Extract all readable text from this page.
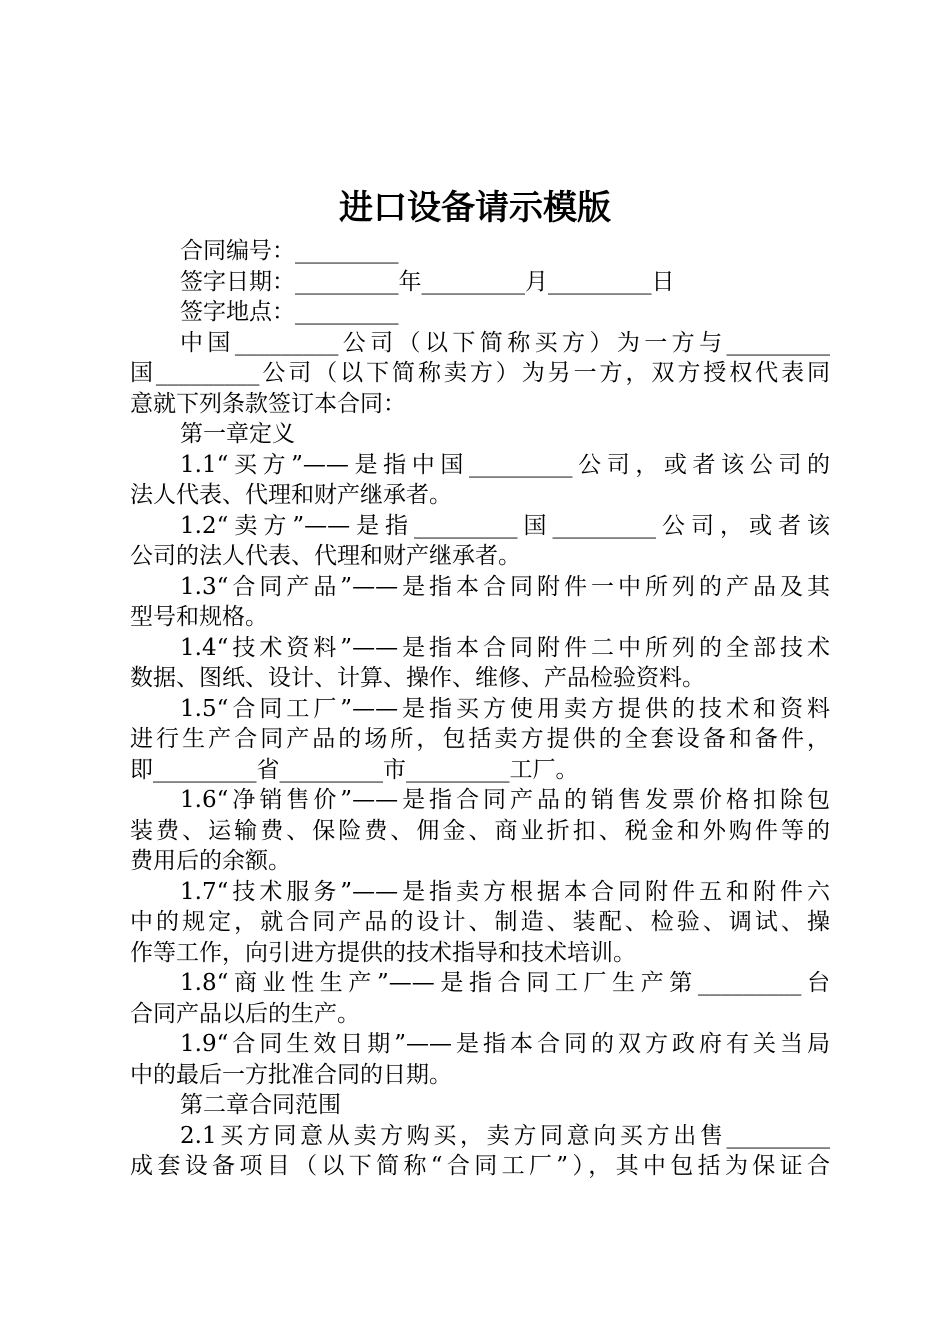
进口设备请示模版
合同编号：_________
签字日期：_________年_________月_________日
签字地点：_________
中国_________公司（以下简称买方）为一方与_________
国_________公司（以下简称卖方）为另一方，双方授权代表同
意就下列条款签订本合同：
第一章定义
1.1“买方”——是指中国_________公司，或者该公司的
法人代表、代理和财产继承者。
1.2“卖方”——是指_________国_________公司，或者该
公司的法人代表、代理和财产继承者。
1.3“合同产品”——是指本合同附件一中所列的产品及其
型号和规格。
1.4“技术资料”——是指本合同附件二中所列的全部技术
数据、图纸、设计、计算、操作、维修、产品检验资料。
1.5“合同工厂”——是指买方使用卖方提供的技术和资料
进行生产合同产品的场所，包括卖方提供的全套设备和备件，
即_________省_________市_________工厂。
1.6“净销售价”——是指合同产品的销售发票价格扣除包
装费、运输费、保险费、佣金、商业折扣、税金和外购件等的
费用后的余额。
1.7“技术服务”——是指卖方根据本合同附件五和附件六
中的规定，就合同产品的设计、制造、装配、检验、调试、操
作等工作，向引进方提供的技术指导和技术培训。
1.8“商业性生产”——是指合同工厂生产第_________台
合同产品以后的生产。
1.9“合同生效日期”——是指本合同的双方政府有关当局
中的最后一方批准合同的日期。
第二章合同范围
2.1买方同意从卖方购买，卖方同意向买方出售_________
成套设备项目（以下简称“合同工厂”），其中包括为保证合
